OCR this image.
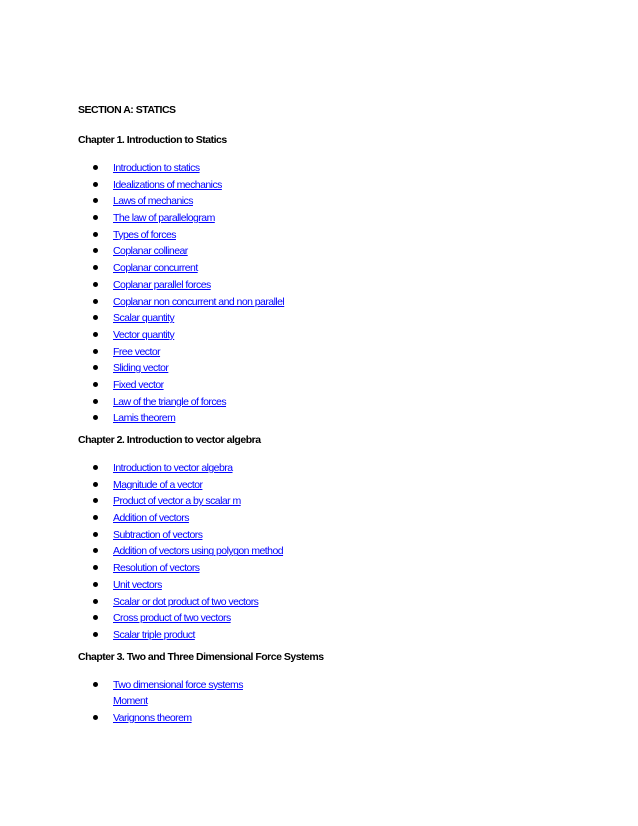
SECTION A: STATICS
Chapter 1. Introduction to Statics
Introduction to statics
Idealizations of mechanics
Laws of mechanics
The law of parallelogram
Types of forces
Coplanar collinear
Coplanar concurrent
Coplanar parallel forces
Coplanar non concurrent and non parallel
Scalar quantity
Vector quantity
Free vector
Sliding vector
Fixed vector
Law of the triangle of forces
Lamis theorem
Chapter 2. Introduction to vector algebra
Introduction to vector algebra
Magnitude of a vector
Product of vector a by scalar m
Addition of vectors
Subtraction of vectors
Addition of vectors using polygon method
Resolution of vectors
Unit vectors
Scalar or dot product of two vectors
Cross product of two vectors
Scalar triple product
Chapter 3. Two and Three Dimensional Force Systems
Two dimensional force systems
Moment
Varignons theorem
